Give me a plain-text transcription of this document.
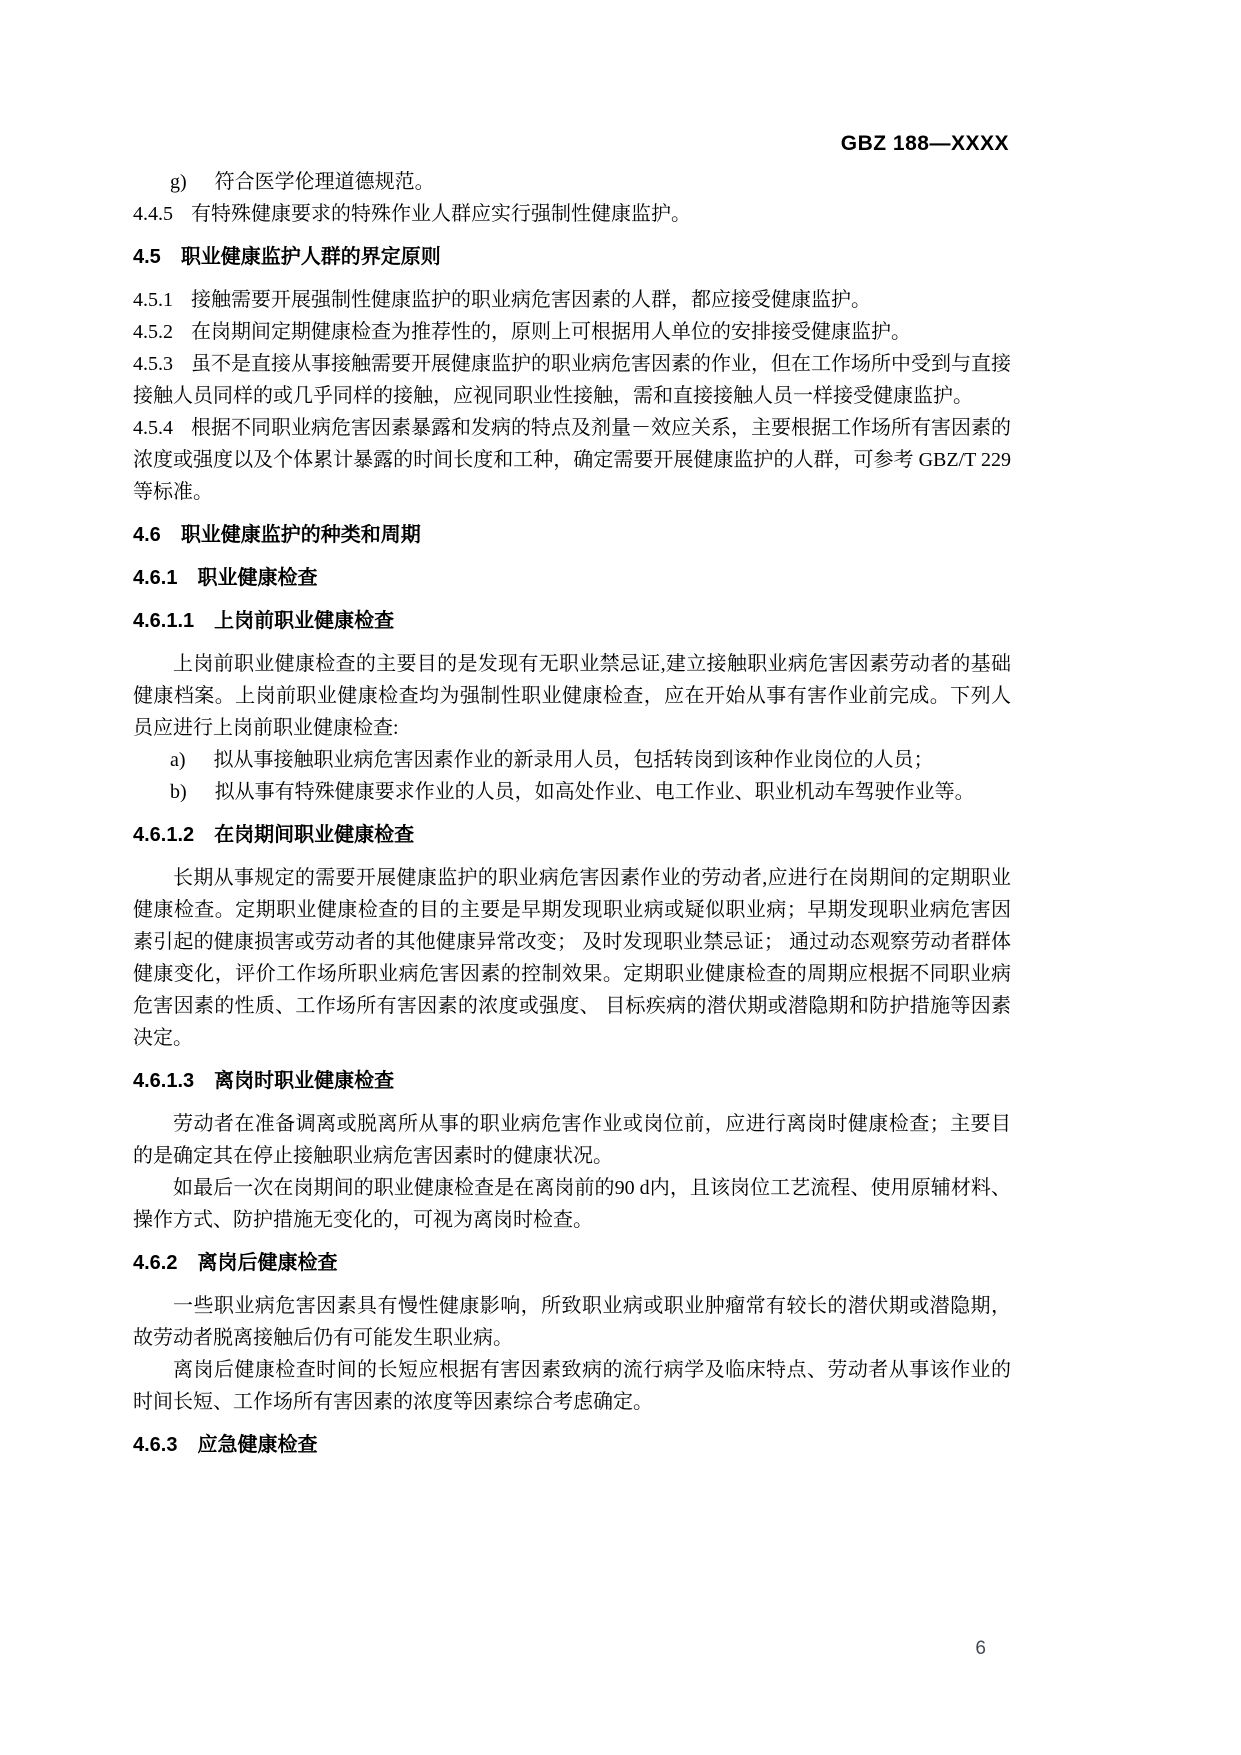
GBZ 188—XXXX

g) 符合医学伦理道德规范。

4.4.5 有特殊健康要求的特殊作业人群应实行强制性健康监护。

4.5 职业健康监护人群的界定原则

4.5.1 接触需要开展强制性健康监护的职业病危害因素的人群，都应接受健康监护。

4.5.2 在岗期间定期健康检查为推荐性的，原则上可根据用人单位的安排接受健康监护。

4.5.3 虽不是直接从事接触需要开展健康监护的职业病危害因素的作业，但在工作场所中受到与直接接触人员同样的或几乎同样的接触，应视同职业性接触，需和直接接触人员一样接受健康监护。

4.5.4 根据不同职业病危害因素暴露和发病的特点及剂量－效应关系，主要根据工作场所有害因素的浓度或强度以及个体累计暴露的时间长度和工种，确定需要开展健康监护的人群，可参考 GBZ/T 229 等标准。

4.6 职业健康监护的种类和周期
4.6.1 职业健康检查
4.6.1.1 上岗前职业健康检查

上岗前职业健康检查的主要目的是发现有无职业禁忌证,建立接触职业病危害因素劳动者的基础健康档案。上岗前职业健康检查均为强制性职业健康检查，应在开始从事有害作业前完成。下列人员应进行上岗前职业健康检查:

a) 拟从事接触职业病危害因素作业的新录用人员，包括转岗到该种作业岗位的人员；

b) 拟从事有特殊健康要求作业的人员，如高处作业、电工作业、职业机动车驾驶作业等。

4.6.1.2 在岗期间职业健康检查

长期从事规定的需要开展健康监护的职业病危害因素作业的劳动者,应进行在岗期间的定期职业健康检查。定期职业健康检查的目的主要是早期发现职业病或疑似职业病；早期发现职业病危害因素引起的健康损害或劳动者的其他健康异常改变； 及时发现职业禁忌证； 通过动态观察劳动者群体健康变化，评价工作场所职业病危害因素的控制效果。定期职业健康检查的周期应根据不同职业病危害因素的性质、工作场所有害因素的浓度或强度、 目标疾病的潜伏期或潜隐期和防护措施等因素决定。

4.6.1.3 离岗时职业健康检查

劳动者在准备调离或脱离所从事的职业病危害作业或岗位前，应进行离岗时健康检查；主要目的是确定其在停止接触职业病危害因素时的健康状况。

如最后一次在岗期间的职业健康检查是在离岗前的90 d内，且该岗位工艺流程、使用原辅材料、操作方式、防护措施无变化的，可视为离岗时检查。

4.6.2 离岗后健康检查

一些职业病危害因素具有慢性健康影响，所致职业病或职业肿瘤常有较长的潜伏期或潜隐期，故劳动者脱离接触后仍有可能发生职业病。

离岗后健康检查时间的长短应根据有害因素致病的流行病学及临床特点、劳动者从事该作业的时间长短、工作场所有害因素的浓度等因素综合考虑确定。

4.6.3 应急健康检查
6
